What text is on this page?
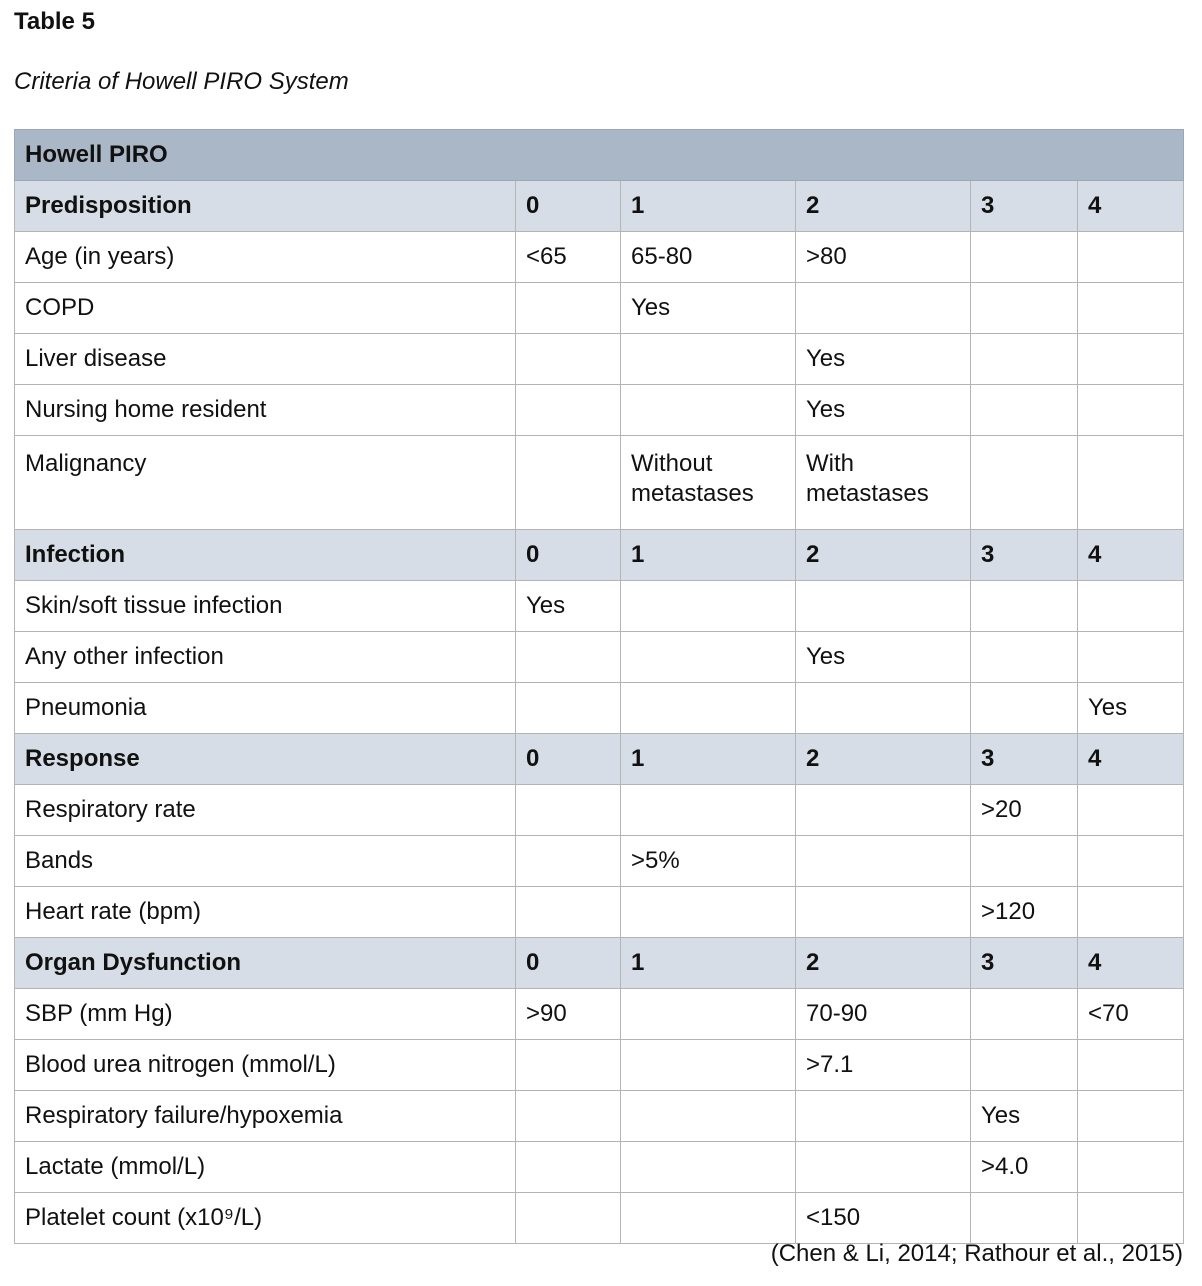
Table 5

Criteria of Howell PIRO System

Howell PIRO					
Predisposition	0	1	2	3	4
Age (in years)	<65	65-80	>80		
COPD		Yes			
Liver disease			Yes		
Nursing home resident			Yes		
Malignancy		Without metastases	With metastases		
Infection	0	1	2	3	4
Skin/soft tissue infection	Yes				
Any other infection			Yes		
Pneumonia					Yes
Response	0	1	2	3	4
Respiratory rate				>20	
Bands		>5%			
Heart rate (bpm)				>120	
Organ Dysfunction	0	1	2	3	4
SBP (mm Hg)	>90		70-90		<70
Blood urea nitrogen (mmol/L)			>7.1		
Respiratory failure/hypoxemia				Yes	
Lactate (mmol/L)				>4.0	
Platelet count (x10⁹/L)			<150		

(Chen & Li, 2014; Rathour et al., 2015)
